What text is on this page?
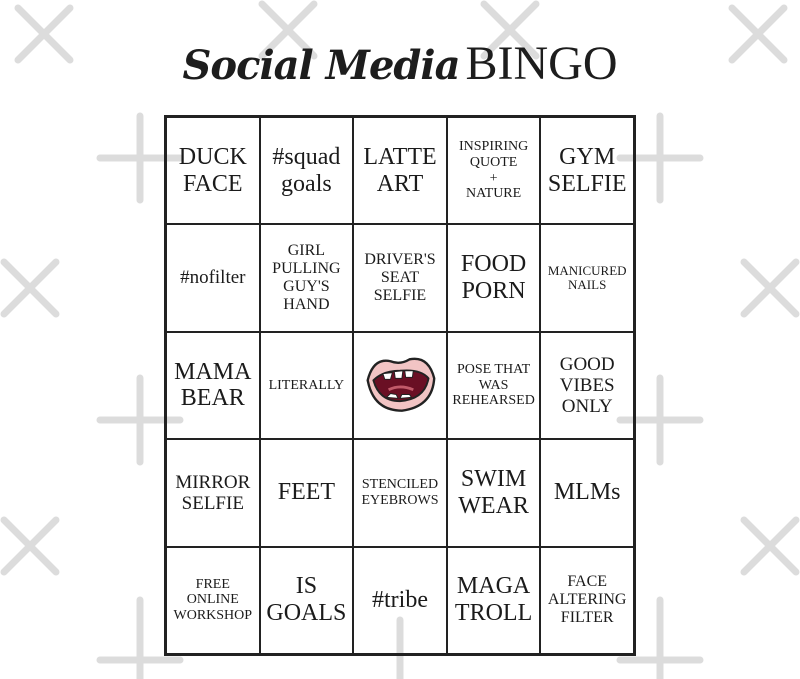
Social Media BINGO
DUCK
FACE
#squad
goals
LATTE
ART
INSPIRING
QUOTE
+
NATURE
GYM
SELFIE
#nofilter
GIRL
PULLING
GUY'S
HAND
DRIVER'S
SEAT
SELFIE
FOOD
PORN
MANICURED
NAILS
MAMA
BEAR
LITERALLY
POSE THAT
WAS
REHEARSED
GOOD
VIBES
ONLY
MIRROR
SELFIE FEET STENCILED
EYEBROWS
SWIM
WEAR
MLMs
FREE
ONLINE
WORKSHOP
IS
GOALS
#tribe
MAGA
TROLL
FACE
ALTERING
FILTER
